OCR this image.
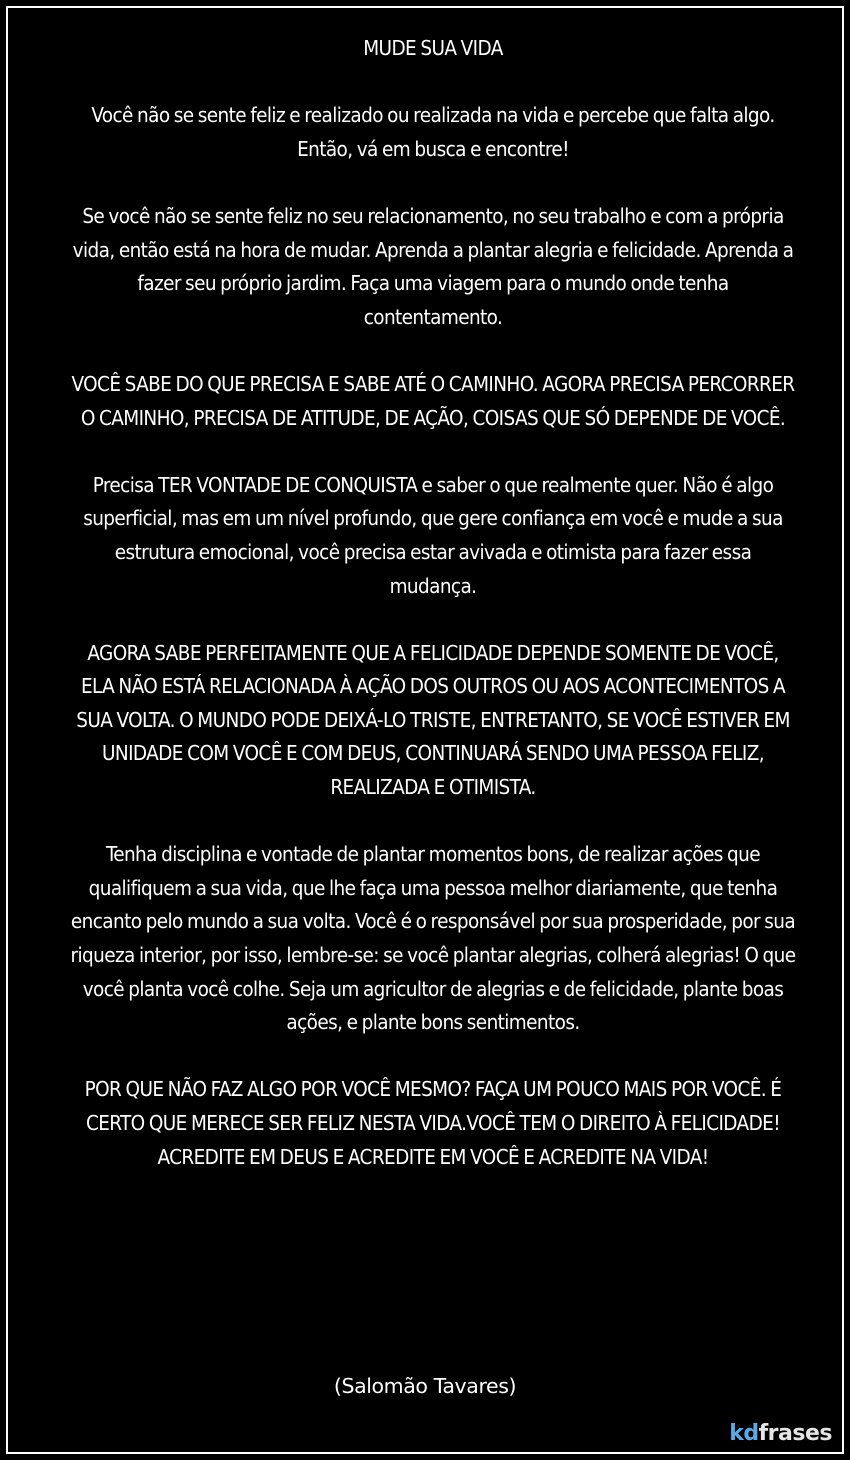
MUDE SUA VIDA

Você não se sente feliz e realizado ou realizada na vida e percebe que falta algo.

Então, vá em busca e encontre!

Se você não se sente feliz no seu relacionamento, no seu trabalho e com a própria vida, então está na hora de mudar. Aprenda a plantar alegria e felicidade. Aprenda a fazer seu próprio jardim. Faça uma viagem para o mundo onde tenha contentamento.

VOCÊ SABE DO QUE PRECISA E SABE ATÉ O CAMINHO. AGORA PRECISA PERCORRER O CAMINHO, PRECISA DE ATITUDE, DE AÇÃO, COISAS QUE SÓ DEPENDE DE VOCÊ.

Precisa TER VONTADE DE CONQUISTA e saber o que realmente quer. Não é algo superficial, mas em um nível profundo, que gere confiança em você e mude a sua estrutura emocional, você precisa estar avivada e otimista para fazer essa mudança.

AGORA SABE PERFEITAMENTE QUE A FELICIDADE DEPENDE SOMENTE DE VOCÊ, ELA NÃO ESTÁ RELACIONADA À AÇÃO DOS OUTROS OU AOS ACONTECIMENTOS A SUA VOLTA. O MUNDO PODE DEIXÁ-LO TRISTE, ENTRETANTO, SE VOCÊ ESTIVER EM UNIDADE COM VOCÊ E COM DEUS, CONTINUARÁ SENDO UMA PESSOA FELIZ, REALIZADA E OTIMISTA.

Tenha disciplina e vontade de plantar momentos bons, de realizar ações que qualifiquem a sua vida, que lhe faça uma pessoa melhor diariamente, que tenha encanto pelo mundo a sua volta. Você é o responsável por sua prosperidade, por sua riqueza interior, por isso, lembre-se: se você plantar alegrias, colherá alegrias! O que você planta você colhe. Seja um agricultor de alegrias e de felicidade, plante boas ações, e plante bons sentimentos.

POR QUE NÃO FAZ ALGO POR VOCÊ MESMO? FAÇA UM POUCO MAIS POR VOCÊ. É CERTO QUE MERECE SER FELIZ NESTA VIDA.VOCÊ TEM O DIREITO À FELICIDADE! ACREDITE EM DEUS E ACREDITE EM VOCÊ E ACREDITE NA VIDA!

(Salomão Tavares)
kdfrases
